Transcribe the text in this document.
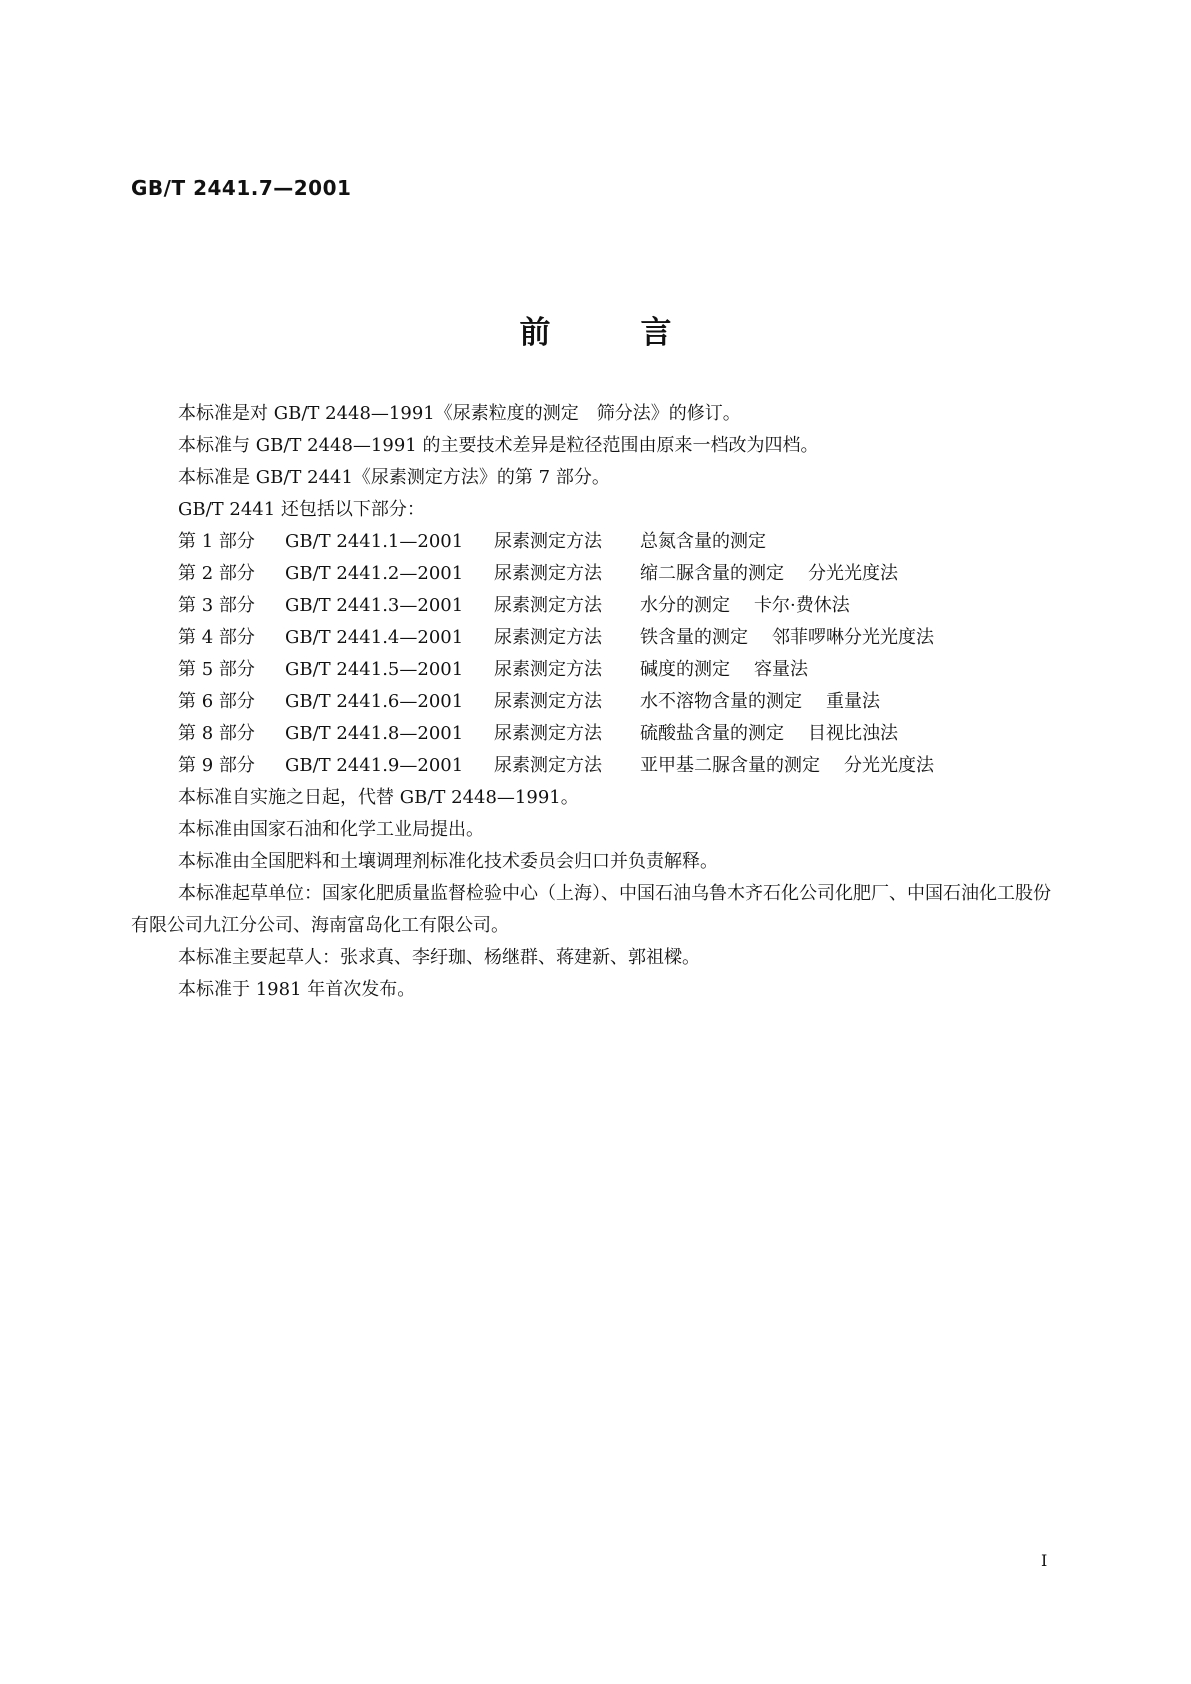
GB/T 2441.7—2001
前言

本标准是对 GB/T 2448—1991《尿素粒度的测定　筛分法》的修订。

本标准与 GB/T 2448—1991 的主要技术差异是粒径范围由原来一档改为四档。

本标准是 GB/T 2441《尿素测定方法》的第 7 部分。

GB/T 2441 还包括以下部分：

第 1 部分	GB/T 2441.1—2001	尿素测定方法	总氮含量的测定
第 2 部分	GB/T 2441.2—2001	尿素测定方法	缩二脲含量的测定 分光光度法
第 3 部分	GB/T 2441.3—2001	尿素测定方法	水分的测定 卡尔·费休法
第 4 部分	GB/T 2441.4—2001	尿素测定方法	铁含量的测定 邻菲啰啉分光光度法
第 5 部分	GB/T 2441.5—2001	尿素测定方法	碱度的测定 容量法
第 6 部分	GB/T 2441.6—2001	尿素测定方法	水不溶物含量的测定 重量法
第 8 部分	GB/T 2441.8—2001	尿素测定方法	硫酸盐含量的测定 目视比浊法
第 9 部分	GB/T 2441.9—2001	尿素测定方法	亚甲基二脲含量的测定 分光光度法

本标准自实施之日起，代替 GB/T 2448—1991。

本标准由国家石油和化学工业局提出。

本标准由全国肥料和土壤调理剂标准化技术委员会归口并负责解释。

本标准起草单位：国家化肥质量监督检验中心（上海）、中国石油乌鲁木齐石化公司化肥厂、中国石油化工股份有限公司九江分公司、海南富岛化工有限公司。

本标准主要起草人：张求真、李纡珈、杨继群、蒋建新、郭祖樑。

本标准于 1981 年首次发布。

I
